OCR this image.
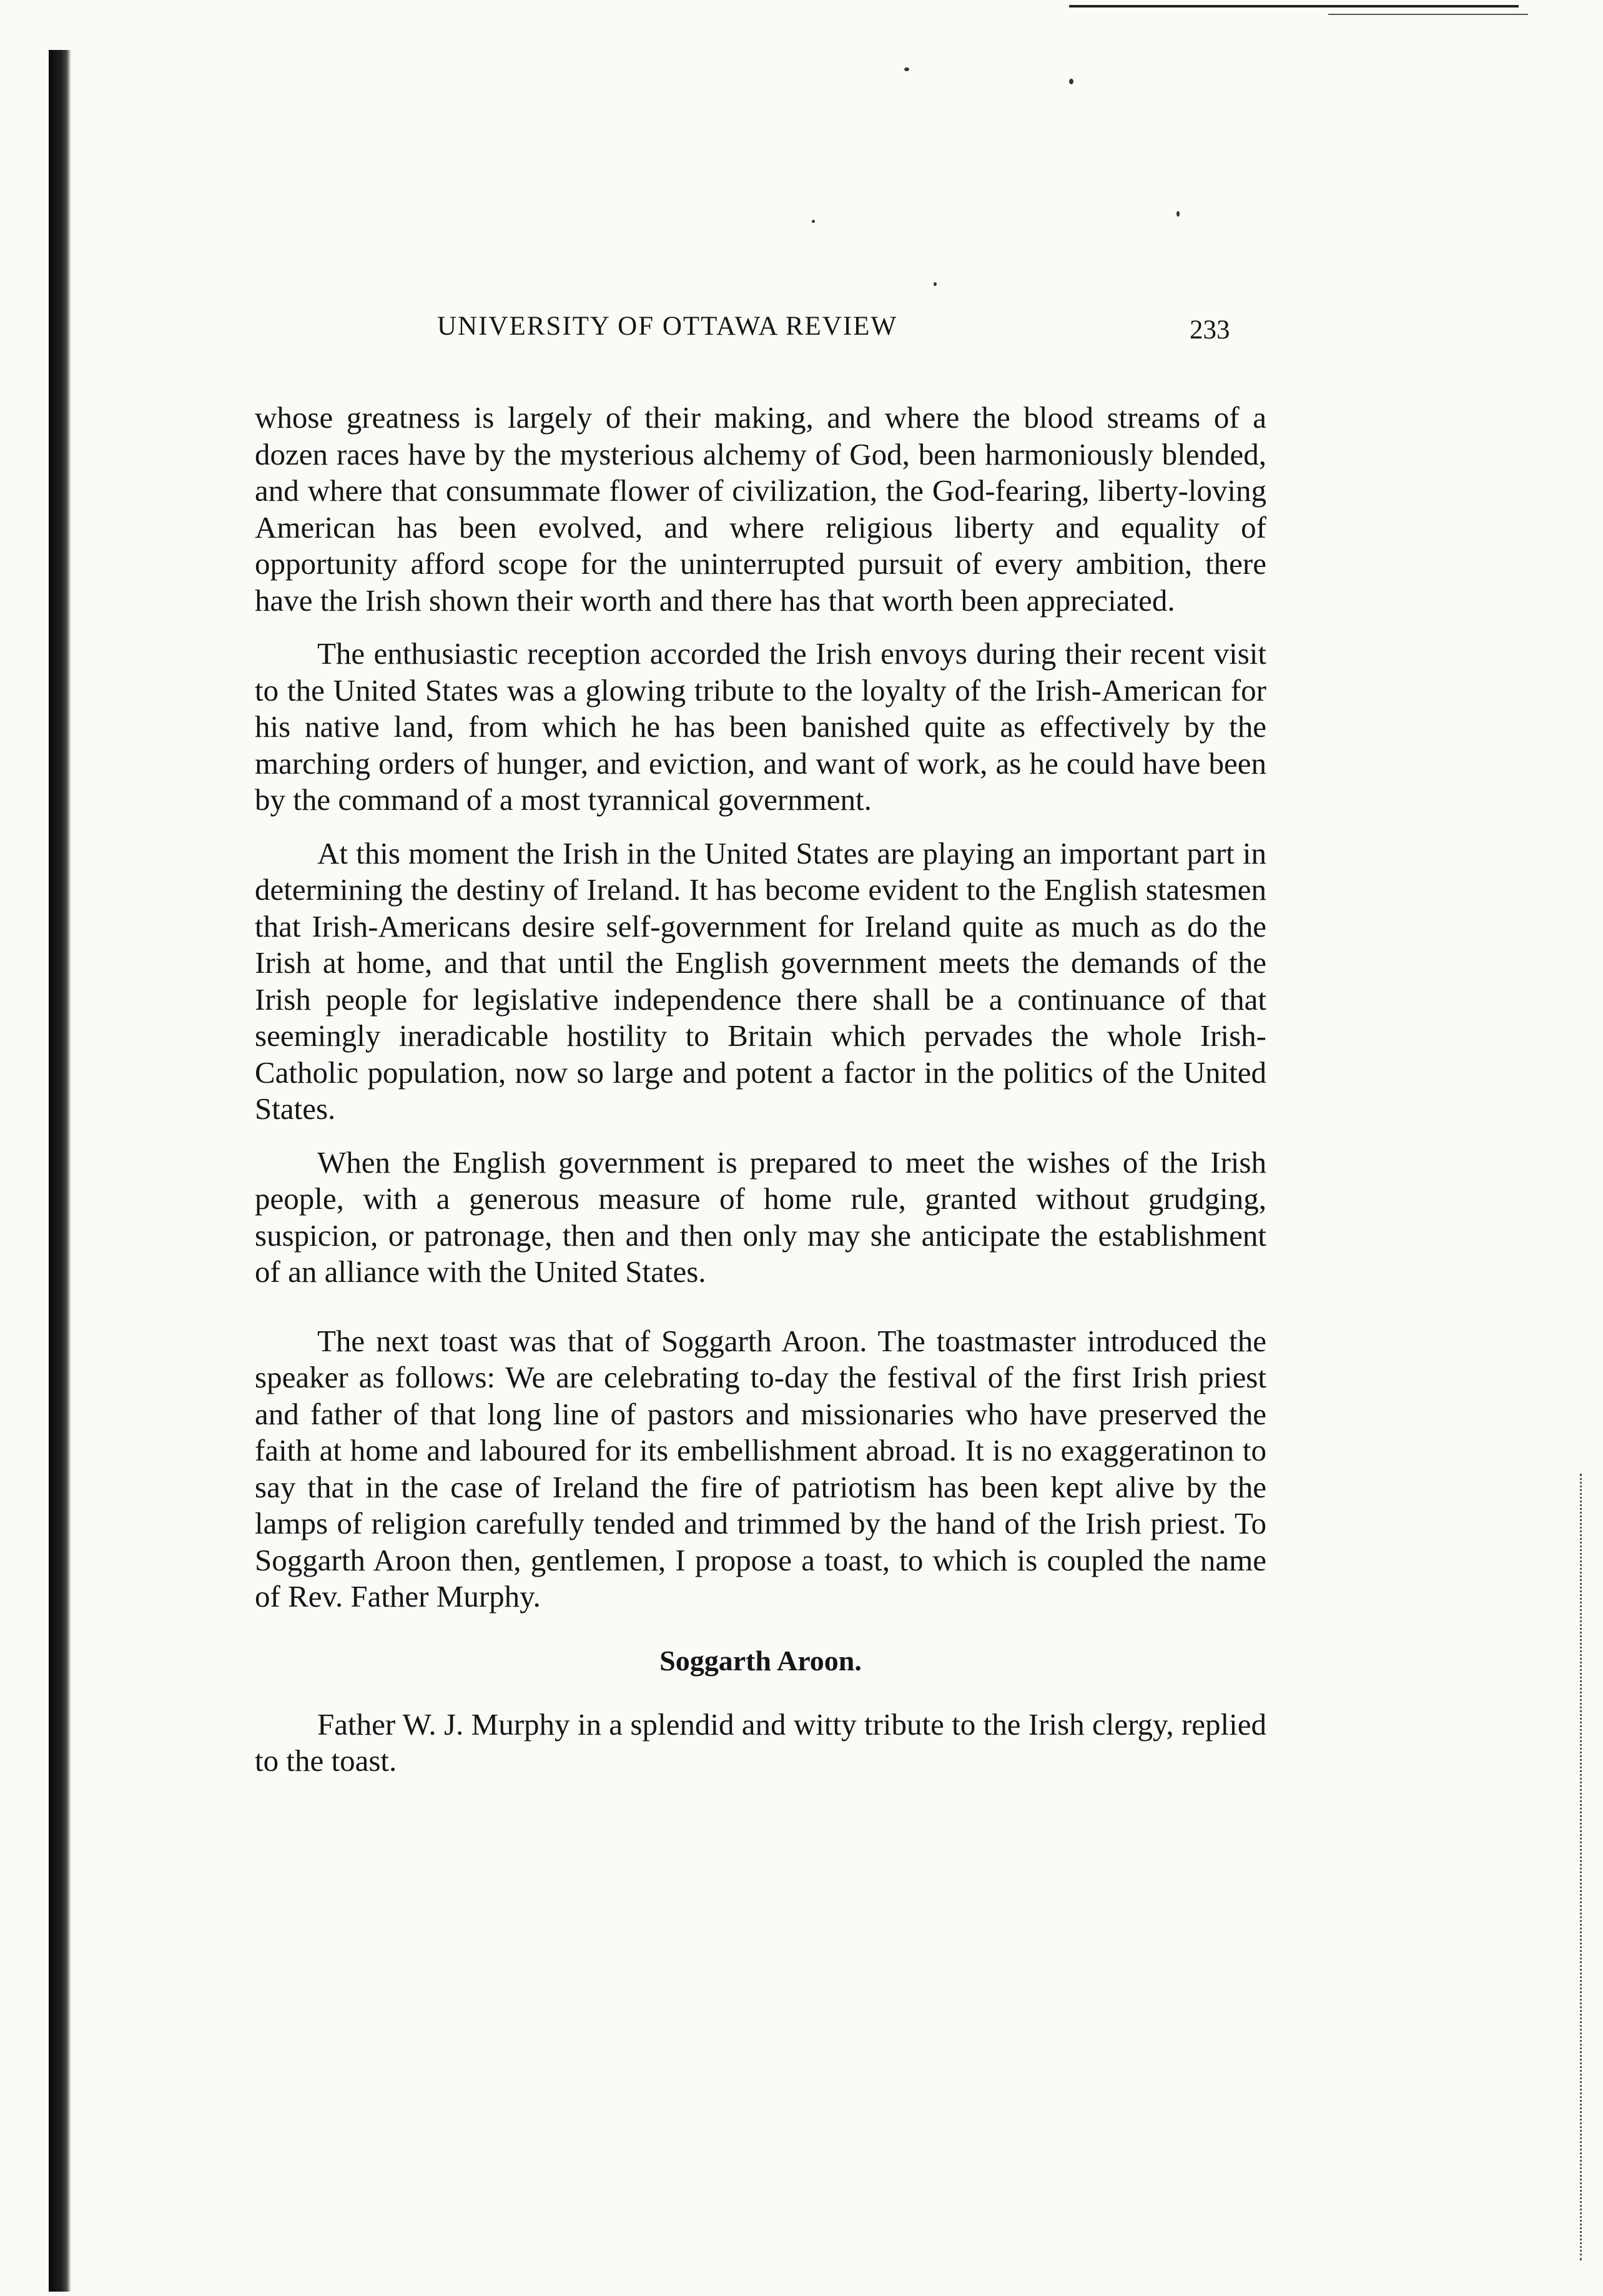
UNIVERSITY OF OTTAWA REVIEW	233

whose greatness is largely of their making, and where the blood streams of a dozen races have by the mysterious alchemy of God, been harmoniously blended, and where that consummate flower of civilization, the God-fearing, liberty-loving American has been evolved, and where religious liberty and equality of opportunity afford scope for the uninterrupted pursuit of every ambition, there have the Irish shown their worth and there has that worth been appreciated.

The enthusiastic reception accorded the Irish envoys during their recent visit to the United States was a glowing tribute to the loyalty of the Irish-American for his native land, from which he has been banished quite as effectively by the marching orders of hunger, and eviction, and want of work, as he could have been by the command of a most tyrannical government.

At this moment the Irish in the United States are playing an important part in determining the destiny of Ireland. It has become evident to the English statesmen that Irish-Americans desire self-government for Ireland quite as much as do the Irish at home, and that until the English government meets the demands of the Irish people for legislative independence there shall be a continuance of that seemingly ineradicable hostility to Britain which pervades the whole Irish-Catholic population, now so large and potent a factor in the politics of the United States.

When the English government is prepared to meet the wishes of the Irish people, with a generous measure of home rule, granted without grudging, suspicion, or patronage, then and then only may she anticipate the establishment of an alliance with the United States.

The next toast was that of Soggarth Aroon. The toastmaster introduced the speaker as follows: We are celebrating to-day the festival of the first Irish priest and father of that long line of pastors and missionaries who have preserved the faith at home and laboured for its embellishment abroad. It is no exaggeratinon to say that in the case of Ireland the fire of patriotism has been kept alive by the lamps of religion carefully tended and trimmed by the hand of the Irish priest. To Soggarth Aroon then, gentlemen, I propose a toast, to which is coupled the name of Rev. Father Murphy.

Soggarth Aroon.

Father W. J. Murphy in a splendid and witty tribute to the Irish clergy, replied to the toast.
